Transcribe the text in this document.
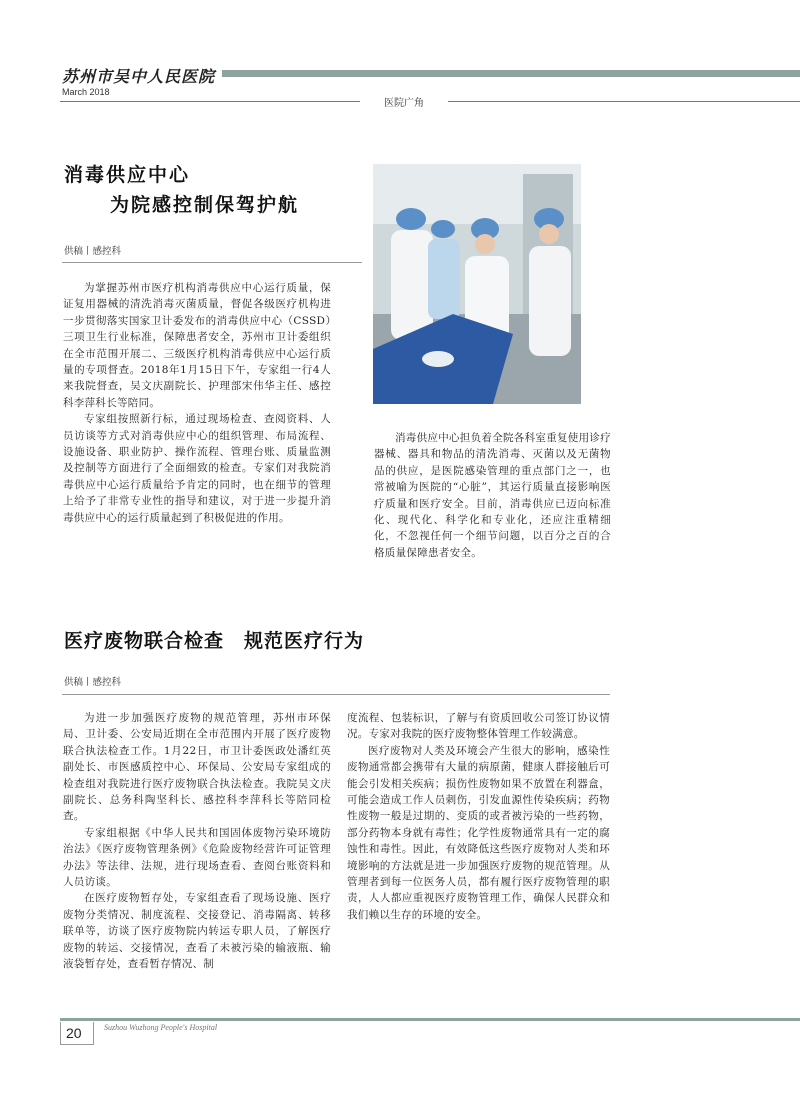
苏州市吴中人民医院
March 2018
医院广角
消毒供应中心
为院感控制保驾护航
供稿丨感控科

为掌握苏州市医疗机构消毒供应中心运行质量，保证复用器械的清洗消毒灭菌质量，督促各级医疗机构进一步贯彻落实国家卫计委发布的消毒供应中心（CSSD）三项卫生行业标准，保障患者安全，苏州市卫计委组织在全市范围开展二、三级医疗机构消毒供应中心运行质量的专项督查。2018年1月15日下午，专家组一行4人来我院督查，吴文庆副院长、护理部宋伟华主任、感控科李萍科长等陪同。

专家组按照新行标，通过现场检查、查阅资料、人员访谈等方式对消毒供应中心的组织管理、布局流程、设施设备、职业防护、操作流程、管理台账、质量监测及控制等方面进行了全面细致的检查。专家们对我院消毒供应中心运行质量给予肯定的同时，也在细节的管理上给予了非常专业性的指导和建议，对于进一步提升消毒供应中心的运行质量起到了积极促进的作用。

消毒供应中心担负着全院各科室重复使用诊疗器械、器具和物品的清洗消毒、灭菌以及无菌物品的供应，是医院感染管理的重点部门之一，也常被喻为医院的“心脏”，其运行质量直接影响医疗质量和医疗安全。目前，消毒供应已迈向标准化、现代化、科学化和专业化，还应注重精细化，不忽视任何一个细节问题，以百分之百的合格质量保障患者安全。

医疗废物联合检查　规范医疗行为
供稿丨感控科

为进一步加强医疗废物的规范管理，苏州市环保局、卫计委、公安局近期在全市范围内开展了医疗废物联合执法检查工作。1月22日，市卫计委医政处潘红英副处长、市医感质控中心、环保局、公安局专家组成的检查组对我院进行医疗废物联合执法检查。我院吴文庆副院长、总务科陶坚科长、感控科李萍科长等陪同检查。

专家组根据《中华人民共和国固体废物污染环境防治法》《医疗废物管理条例》《危险废物经营许可证管理办法》等法律、法规，进行现场查看、查阅台账资料和人员访谈。

在医疗废物暂存处，专家组查看了现场设施、医疗废物分类情况、制度流程、交接登记、消毒隔离、转移联单等，访谈了医疗废物院内转运专职人员，了解医疗废物的转运、交接情况，查看了未被污染的输液瓶、输液袋暂存处，查看暂存情况、制

度流程、包装标识，了解与有资质回收公司签订协议情况。专家对我院的医疗废物整体管理工作较满意。

医疗废物对人类及环境会产生很大的影响，感染性废物通常都会携带有大量的病原菌，健康人群接触后可能会引发相关疾病；损伤性废物如果不放置在利器盒，可能会造成工作人员刺伤，引发血源性传染疾病；药物性废物一般是过期的、变质的或者被污染的一些药物，部分药物本身就有毒性；化学性废物通常具有一定的腐蚀性和毒性。因此，有效降低这些医疗废物对人类和环境影响的方法就是进一步加强医疗废物的规范管理。从管理者到每一位医务人员，都有履行医疗废物管理的职责，人人都应重视医疗废物管理工作，确保人民群众和我们赖以生存的环境的安全。

20	Suzhou Wuzhong People's Hospital
